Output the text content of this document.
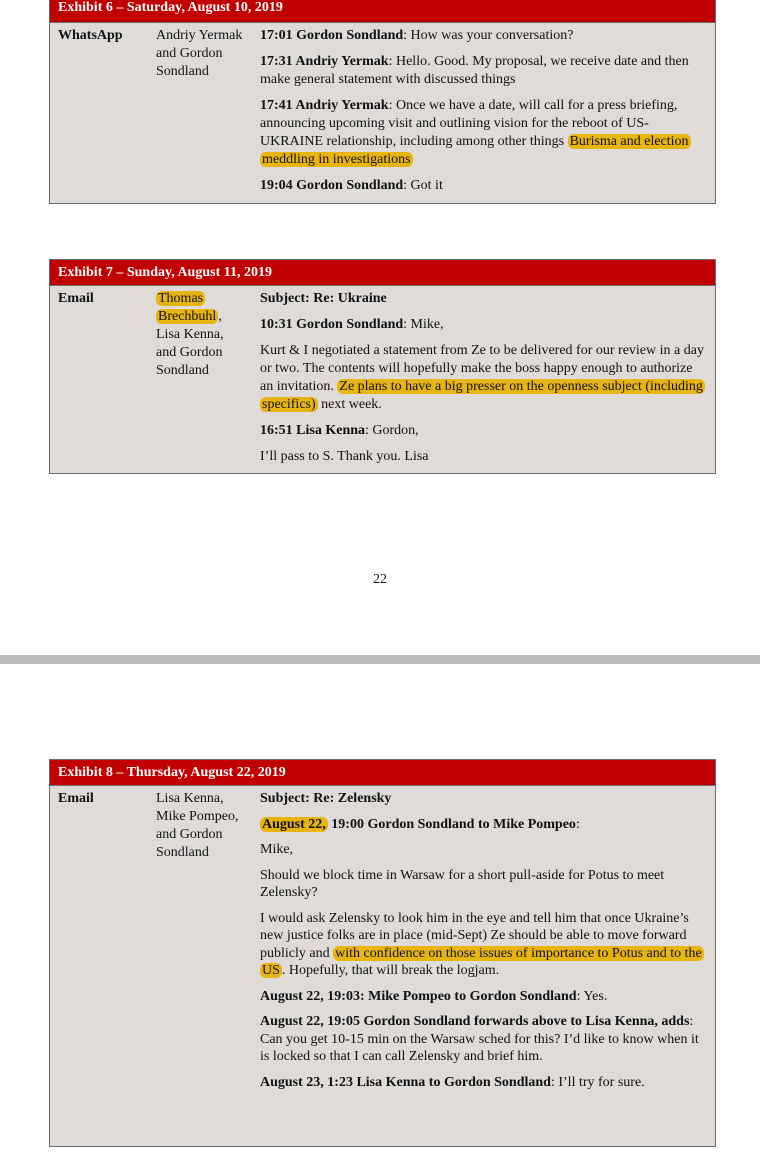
Exhibit 6 – Saturday, August 10, 2019
WhatsApp	Andriy Yermak and Gordon Sondland

17:01 Gordon Sondland: How was your conversation?

17:31 Andriy Yermak: Hello. Good. My proposal, we receive date and then make general statement with discussed things

17:41 Andriy Yermak: Once we have a date, will call for a press briefing, announcing upcoming visit and outlining vision for the reboot of US-UKRAINE relationship, including among other things Burisma and election meddling in investigations

19:04 Gordon Sondland: Got it

Exhibit 7 – Sunday, August 11, 2019
Email	Thomas Brechbuhl , Lisa Kenna, and Gordon Sondland

Subject: Re: Ukraine

10:31 Gordon Sondland: Mike,

Kurt & I negotiated a statement from Ze to be delivered for our review in a day or two. The contents will hopefully make the boss happy enough to authorize an invitation. Ze plans to have a big presser on the openness subject (including specifics) next week.

16:51 Lisa Kenna: Gordon,

I’ll pass to S. Thank you. Lisa

22
Exhibit 8 – Thursday, August 22, 2019
Email	Lisa Kenna, Mike Pompeo, and Gordon Sondland

Subject: Re: Zelensky

August 22, 19:00 Gordon Sondland to Mike Pompeo:

Mike,

Should we block time in Warsaw for a short pull-aside for Potus to meet Zelensky?

I would ask Zelensky to look him in the eye and tell him that once Ukraine’s new justice folks are in place (mid-Sept) Ze should be able to move forward publicly and with confidence on those issues of importance to Potus and to the US . Hopefully, that will break the logjam.

August 22, 19:03: Mike Pompeo to Gordon Sondland: Yes.

August 22, 19:05 Gordon Sondland forwards above to Lisa Kenna, adds: Can you get 10-15 min on the Warsaw sched for this? I’d like to know when it is locked so that I can call Zelensky and brief him.

August 23, 1:23 Lisa Kenna to Gordon Sondland: I’ll try for sure.
